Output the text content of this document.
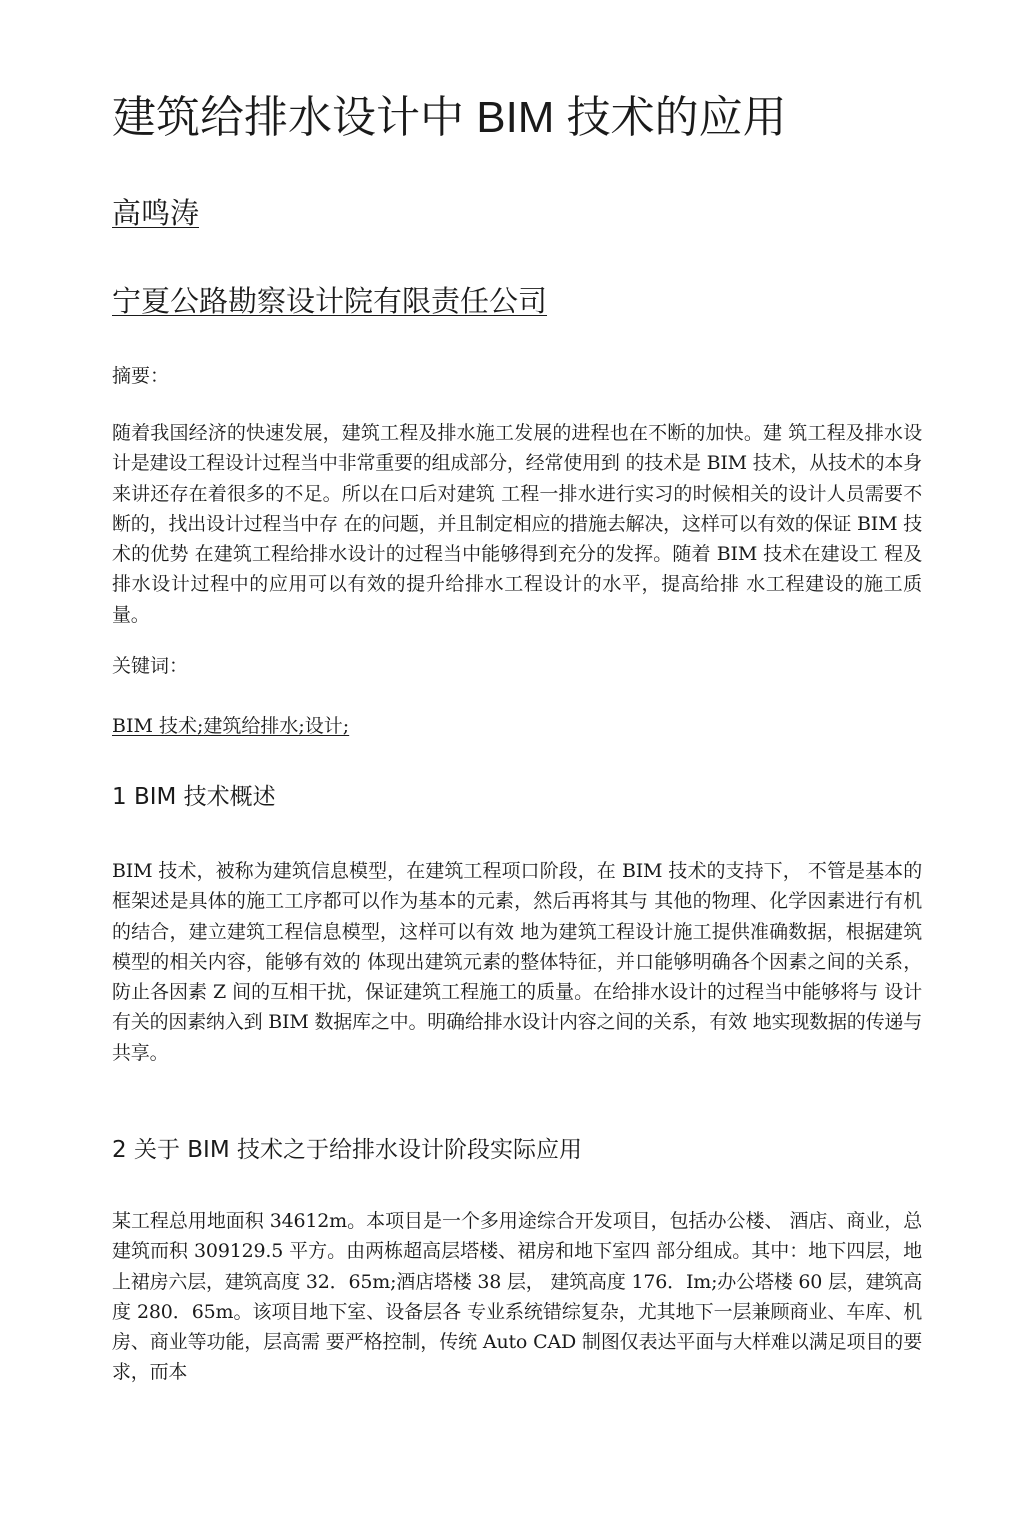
建筑给排水设计中 BIM 技术的应用
高鸣涛
宁夏公路勘察设计院有限责任公司
摘要：

随着我国经济的快速发展，建筑工程及排水施工发展的进程也在不断的加快。建 筑工程及排水设计是建设工程设计过程当中非常重要的组成部分，经常使用到 的技术是 BIM 技术，从技术的本身来讲还存在着很多的不足。所以在口后对建筑 工程一排水进行实习的时候相关的设计人员需要不断的，找出设计过程当中存 在的问题，并且制定相应的措施去解决，这样可以有效的保证 BIM 技术的优势 在建筑工程给排水设计的过程当中能够得到充分的发挥。随着 BIM 技术在建设工 程及排水设计过程中的应用可以有效的提升给排水工程设计的水平，提高给排 水工程建设的施工质量。

关键词：
BIM 技术;建筑给排水;设计;
1 BIM 技术概述

BIM 技术，被称为建筑信息模型，在建筑工程项口阶段，在 BIM 技术的支持下， 不管是基本的框架述是具体的施工工序都可以作为基本的元素，然后再将其与 其他的物理、化学因素进行有机的结合，建立建筑工程信息模型，这样可以有效 地为建筑工程设计施工提供准确数据，根据建筑模型的相关内容，能够有效的 体现出建筑元素的整体特征，并口能够明确各个因素之间的关系，防止各因素 Z 间的互相干扰，保证建筑工程施工的质量。在给排水设计的过程当中能够将与 设计有关的因素纳入到 BIM 数据库之中。明确给排水设计内容之间的关系，有效 地实现数据的传递与共享。

2 关于 BIM 技术之于给排水设计阶段实际应用

某工程总用地面积 34612m。本项目是一个多用途综合开发项目，包括办公楼、 酒店、商业，总建筑而积 309129.5 平方。由两栋超高层塔楼、裙房和地下室四 部分组成。其中：地下四层，地上裙房六层，建筑高度 32．65m;酒店塔楼 38 层， 建筑高度 176．Im;办公塔楼 60 层，建筑高度 280．65m。该项目地下室、设备层各 专业系统错综复杂，尤其地下一层兼顾商业、车库、机房、商业等功能，层高需 要严格控制，传统 Auto CAD 制图仅表达平面与大样难以满足项目的要求，而本
